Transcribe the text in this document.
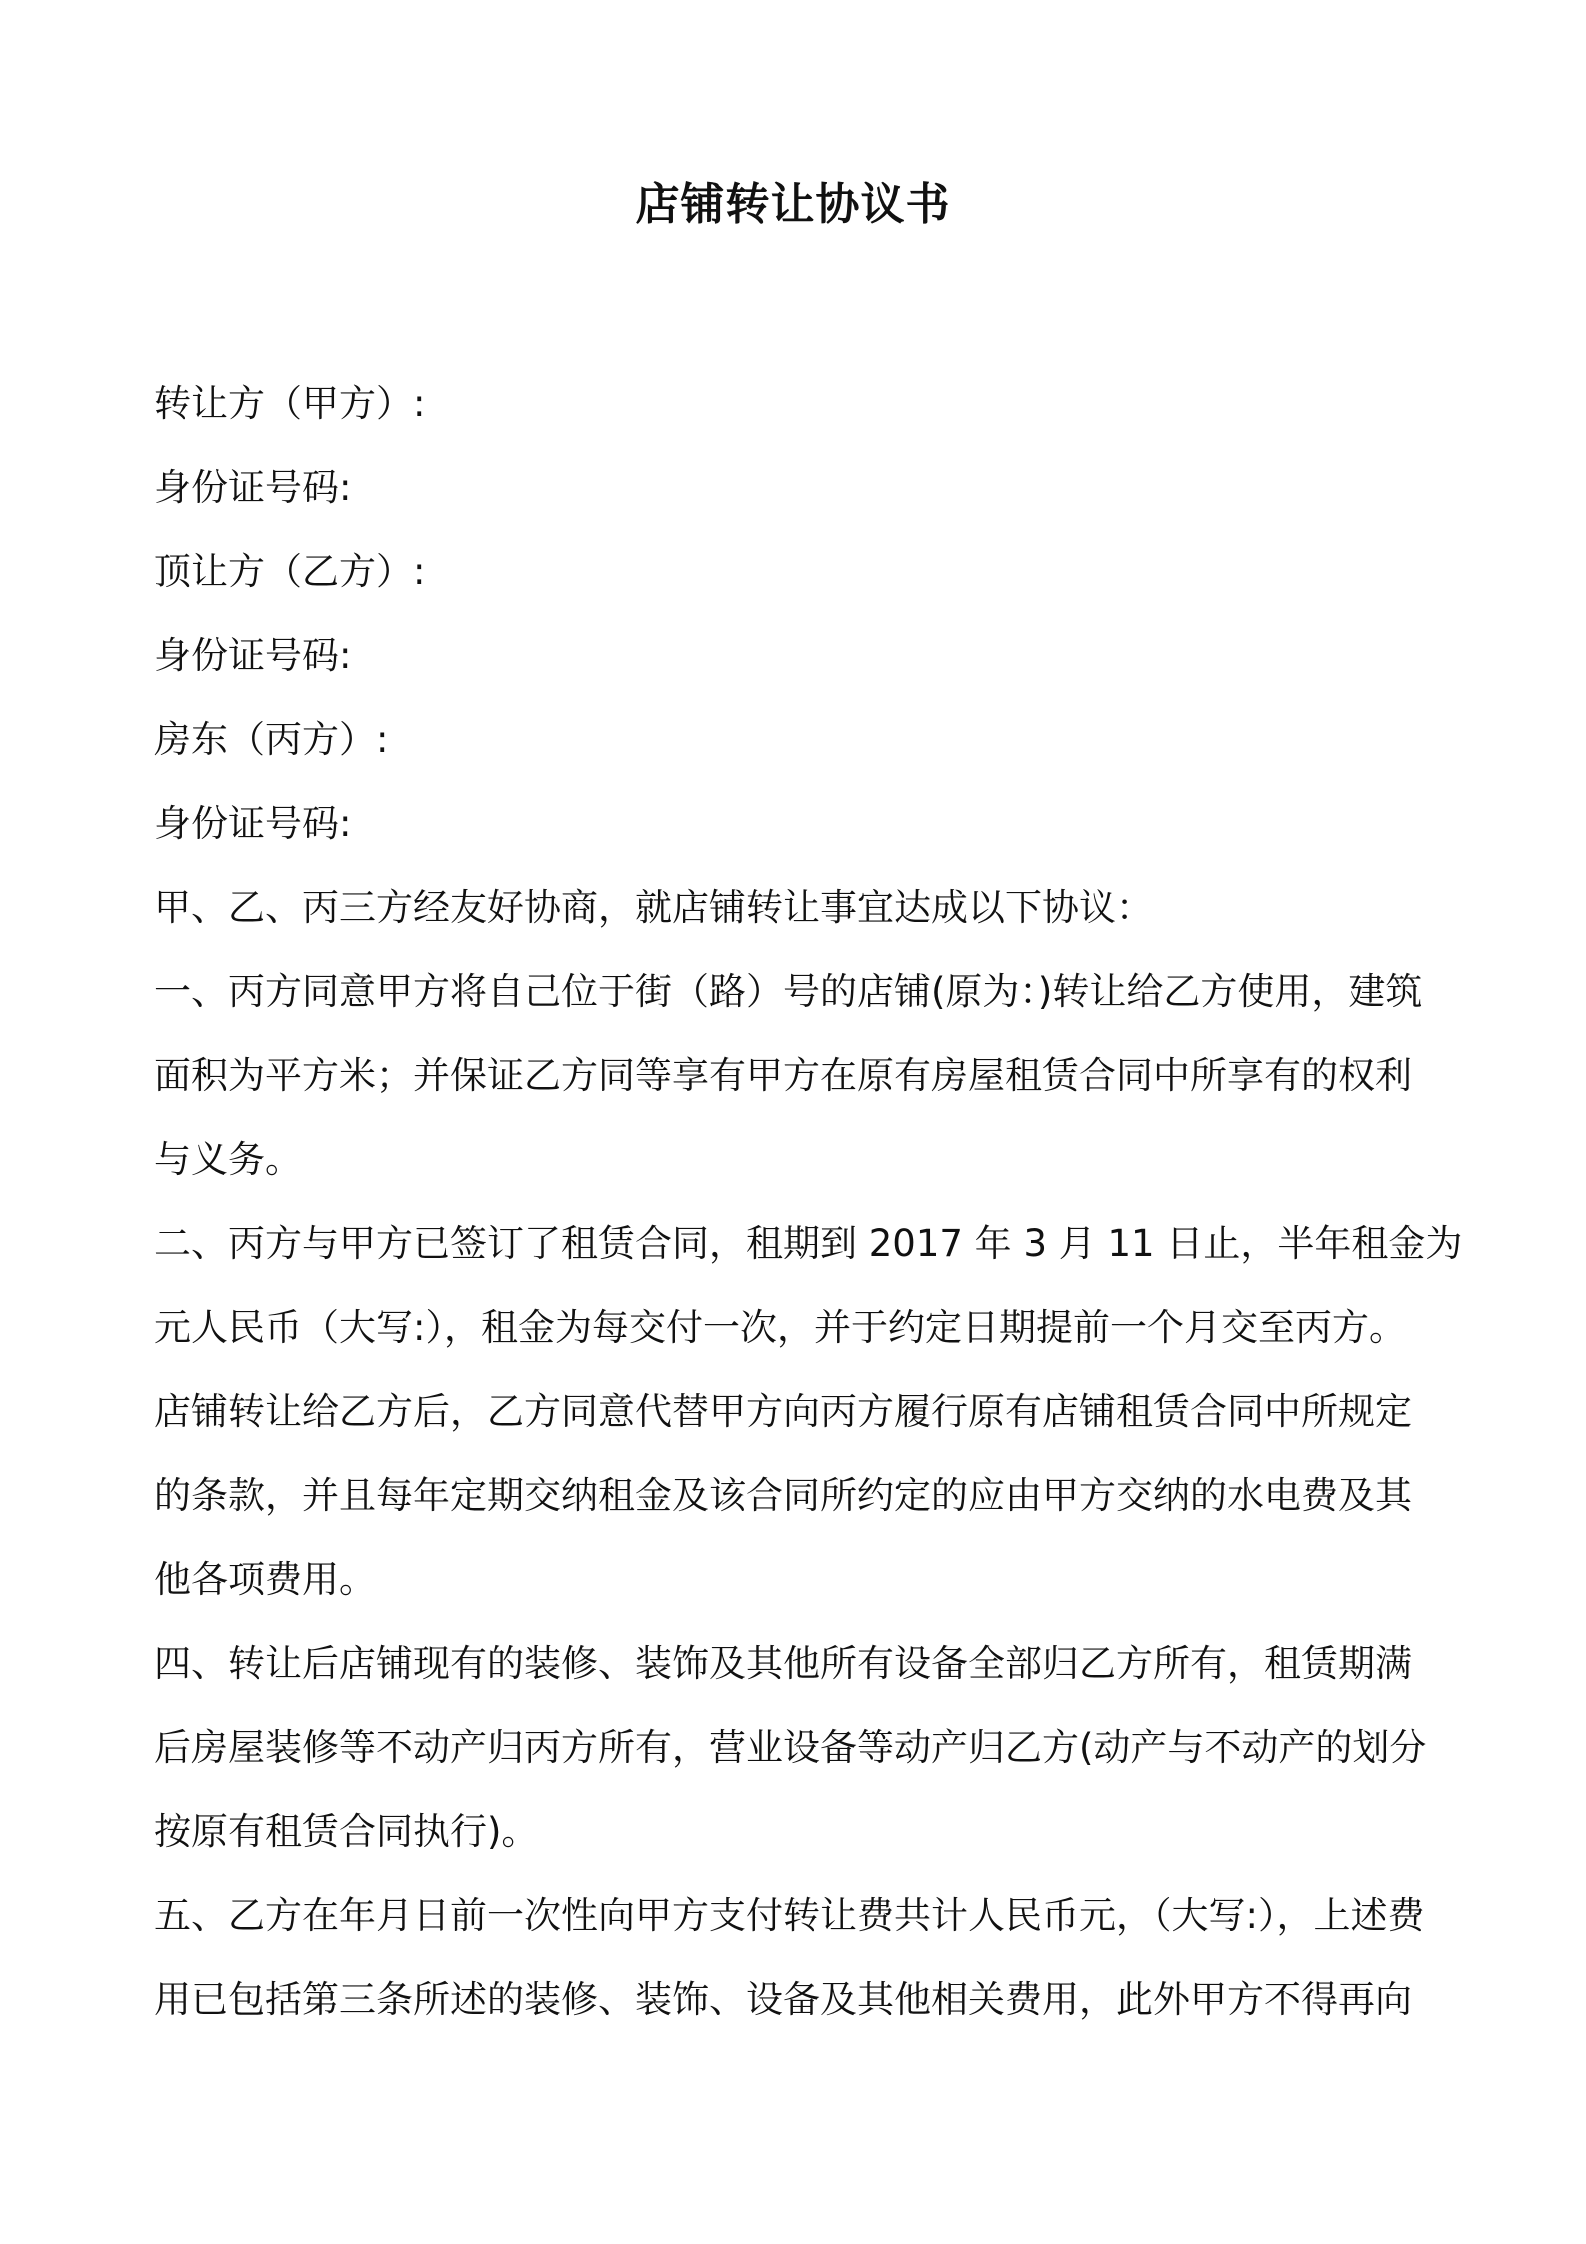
店铺转让协议书
转让方（甲方）:
身份证号码:
顶让方（乙方）:
身份证号码:
房东（丙方）:
身份证号码:
甲、乙、丙三方经友好协商，就店铺转让事宜达成以下协议：
一、丙方同意甲方将自己位于街（路）号的店铺(原为：)转让给乙方使用，建筑
面积为平方米；并保证乙方同等享有甲方在原有房屋租赁合同中所享有的权利
与义务。
二、丙方与甲方已签订了租赁合同，租期到 2017 年 3 月 11 日止，半年租金为
元人民币（大写:），租金为每交付一次，并于约定日期提前一个月交至丙方。
店铺转让给乙方后，乙方同意代替甲方向丙方履行原有店铺租赁合同中所规定
的条款，并且每年定期交纳租金及该合同所约定的应由甲方交纳的水电费及其
他各项费用。
四、转让后店铺现有的装修、装饰及其他所有设备全部归乙方所有，租赁期满
后房屋装修等不动产归丙方所有，营业设备等动产归乙方(动产与不动产的划分
按原有租赁合同执行)。
五、乙方在年月日前一次性向甲方支付转让费共计人民币元，（大写:），上述费
用已包括第三条所述的装修、装饰、设备及其他相关费用，此外甲方不得再向
